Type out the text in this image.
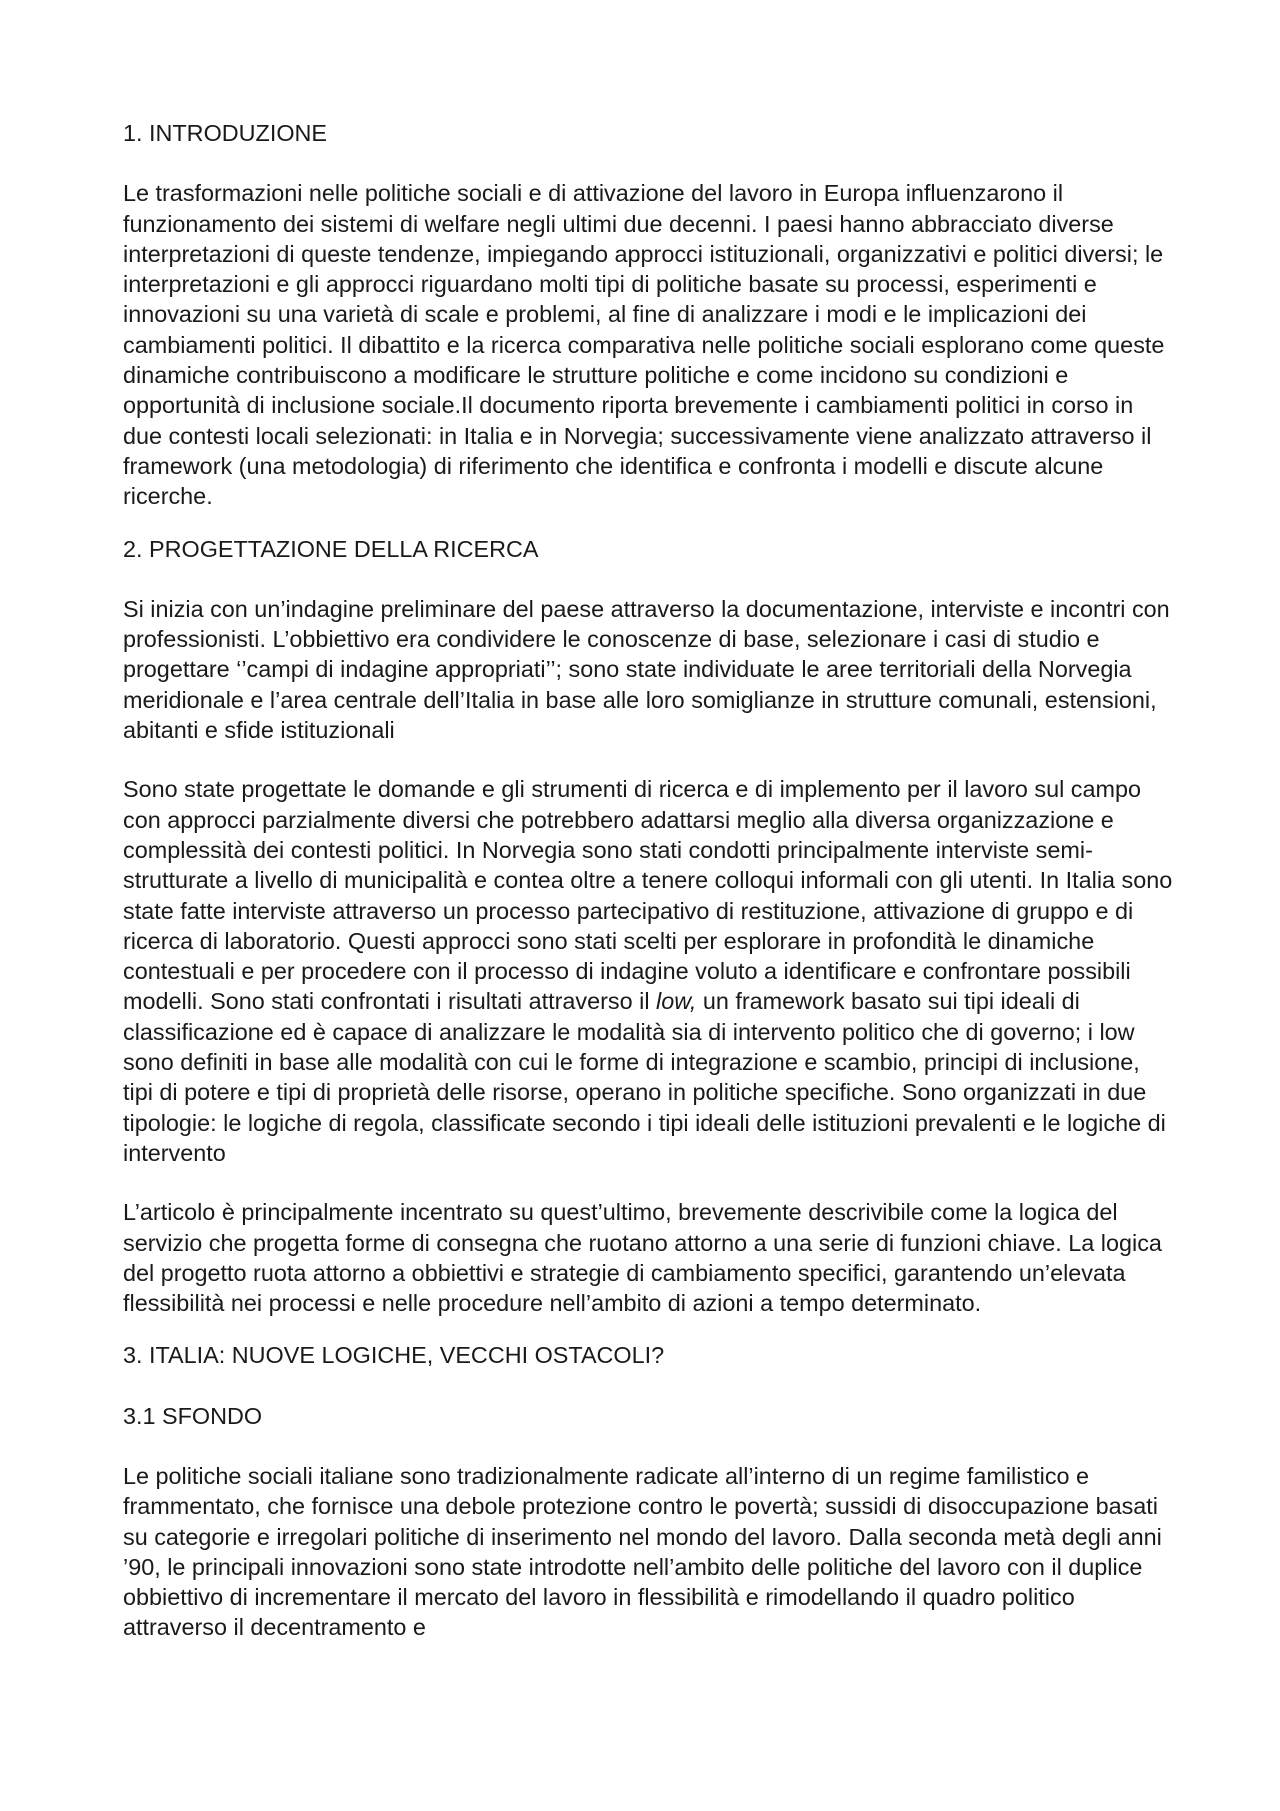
1. INTRODUZIONE

Le trasformazioni nelle politiche sociali e di attivazione del lavoro in Europa influenzarono il funzionamento dei sistemi di welfare negli ultimi due decenni. I paesi hanno abbracciato diverse interpretazioni di queste tendenze, impiegando approcci istituzionali, organizzativi e politici diversi; le interpretazioni e gli approcci riguardano molti tipi di politiche basate su processi, esperimenti e innovazioni su una varietà di scale e problemi, al fine di analizzare i modi e le implicazioni dei cambiamenti politici. Il dibattito e la ricerca comparativa nelle politiche sociali esplorano come queste dinamiche contribuiscono a modificare le strutture politiche e come incidono su condizioni e opportunità di inclusione sociale.Il documento riporta brevemente i cambiamenti politici in corso in due contesti locali selezionati: in Italia e in Norvegia; successivamente viene analizzato attraverso il framework (una metodologia) di riferimento che identifica e confronta i modelli e discute alcune ricerche.

2. PROGETTAZIONE DELLA RICERCA

Si inizia con un’indagine preliminare del paese attraverso la documentazione, interviste e incontri con professionisti. L’obbiettivo era condividere le conoscenze di base, selezionare i casi di studio e progettare ‘’campi di indagine appropriati’’; sono state individuate le aree territoriali della Norvegia meridionale e l’area centrale dell’Italia in base alle loro somiglianze in strutture comunali, estensioni, abitanti e sfide istituzionali

Sono state progettate le domande e gli strumenti di ricerca e di implemento per il lavoro sul campo con approcci parzialmente diversi che potrebbero adattarsi meglio alla diversa organizzazione e complessità dei contesti politici. In Norvegia sono stati condotti principalmente interviste semi-strutturate a livello di municipalità e contea oltre a tenere colloqui informali con gli utenti. In Italia sono state fatte interviste attraverso un processo partecipativo di restituzione, attivazione di gruppo e di ricerca di laboratorio. Questi approcci sono stati scelti per esplorare in profondità le dinamiche contestuali e per procedere con il processo di indagine voluto a identificare e confrontare possibili modelli. Sono stati confrontati i risultati attraverso il low, un framework basato sui tipi ideali di classificazione ed è capace di analizzare le modalità sia di intervento politico che di governo; i low sono definiti in base alle modalità con cui le forme di integrazione e scambio, principi di inclusione, tipi di potere e tipi di proprietà delle risorse, operano in politiche specifiche. Sono organizzati in due tipologie: le logiche di regola, classificate secondo i tipi ideali delle istituzioni prevalenti e le logiche di intervento

L’articolo è principalmente incentrato su quest’ultimo, brevemente descrivibile come la logica del servizio che progetta forme di consegna che ruotano attorno a una serie di funzioni chiave. La logica del progetto ruota attorno a obbiettivi e strategie di cambiamento specifici, garantendo un’elevata flessibilità nei processi e nelle procedure nell’ambito di azioni a tempo determinato.

3. ITALIA: NUOVE LOGICHE, VECCHI OSTACOLI?
3.1 SFONDO

Le politiche sociali italiane sono tradizionalmente radicate all’interno di un regime familistico e frammentato, che fornisce una debole protezione contro le povertà; sussidi di disoccupazione basati su categorie e irregolari politiche di inserimento nel mondo del lavoro. Dalla seconda metà degli anni ’90, le principali innovazioni sono state introdotte nell’ambito delle politiche del lavoro con il duplice obbiettivo di incrementare il mercato del lavoro in flessibilità e rimodellando il quadro politico attraverso il decentramento e
